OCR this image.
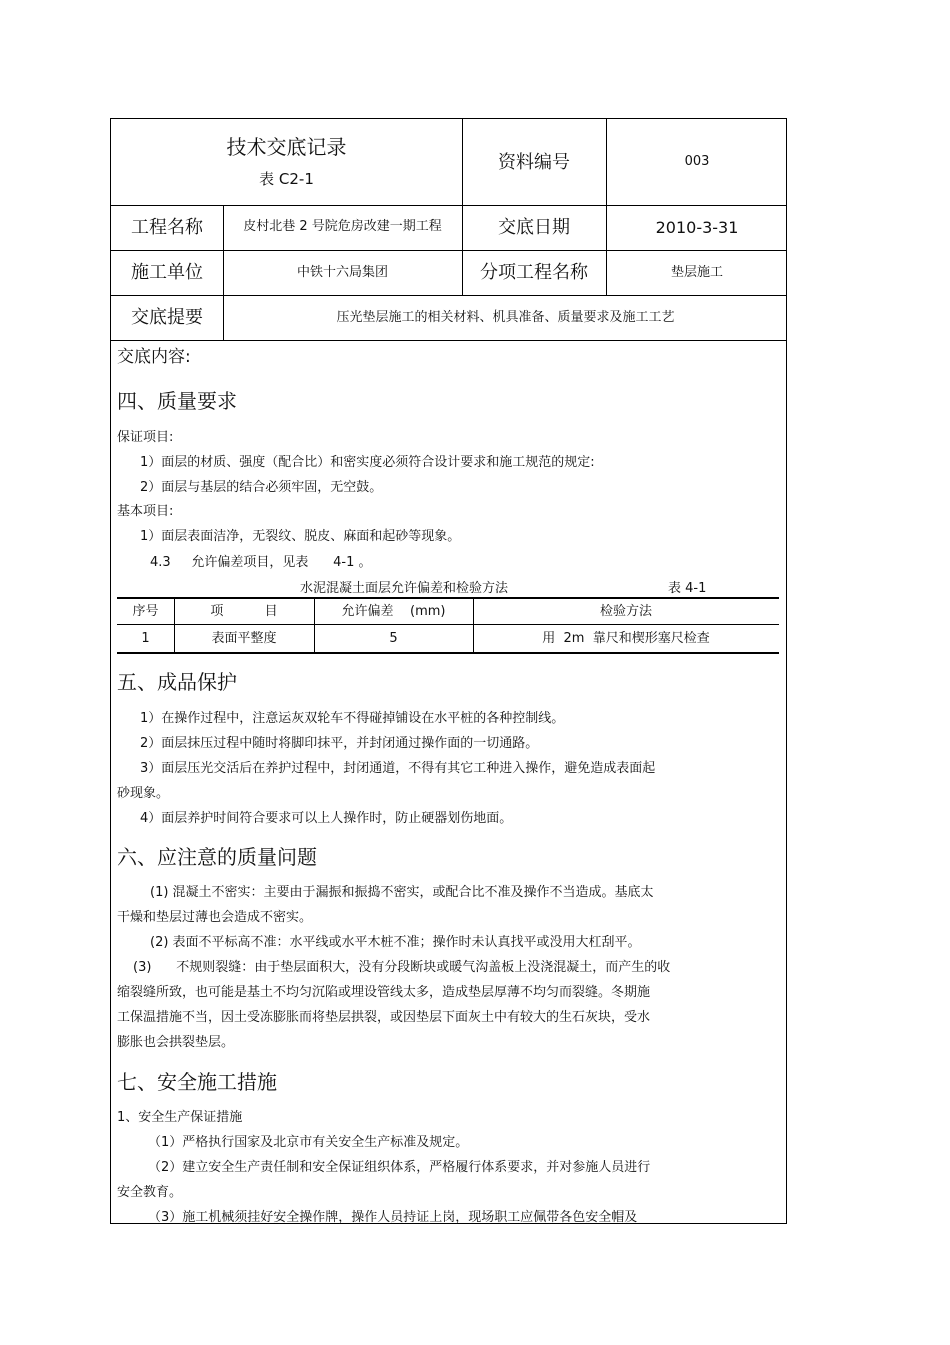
技术交底记录
表 C2-1
资料编号	003
工程名称	皮村北巷 2 号院危房改建一期工程	交底日期	2010-3-31
施工单位	中铁十六局集团	分项工程名称	垫层施工
交底提要	压光垫层施工的相关材料、机具准备、质量要求及施工工艺
交底内容:
四、质量要求
保证项目:
1）面层的材质、强度（配合比）和密实度必须符合设计要求和施工规范的规定:
2）面层与基层的结合必须牢固，无空鼓。
基本项目:
1）面层表面洁净，无裂纹、脱皮、麻面和起砂等现象。
4.3     允许偏差项目，见表      4-1 。
水泥混凝土面层允许偏差和检验方法	表 4-1
序号	项          目	允许偏差    (mm)	检验方法
1	表面平整度	5	用  2m  靠尺和楔形塞尺检查
五、成品保护
1）在操作过程中，注意运灰双轮车不得碰掉铺设在水平桩的各种控制线。
2）面层抹压过程中随时将脚印抹平，并封闭通过操作面的一切通路。
3）面层压光交活后在养护过程中，封闭通道，不得有其它工种进入操作，避免造成表面起
砂现象。
4）面层养护时间符合要求可以上人操作时，防止硬器划伤地面。
六、应注意的质量问题
(1) 混凝土不密实：主要由于漏振和振捣不密实，或配合比不准及操作不当造成。基底太
干燥和垫层过薄也会造成不密实。
(2) 表面不平标高不准：水平线或水平木桩不准；操作时未认真找平或没用大杠刮平。
(3)      不规则裂缝：由于垫层面积大，没有分段断块或暖气沟盖板上没浇混凝土，而产生的收
缩裂缝所致，也可能是基土不均匀沉陷或埋设管线太多，造成垫层厚薄不均匀而裂缝。冬期施
工保温措施不当，因土受冻膨胀而将垫层拱裂，或因垫层下面灰土中有较大的生石灰块，受水
膨胀也会拱裂垫层。
七、安全施工措施
1、安全生产保证措施
（1）严格执行国家及北京市有关安全生产标准及规定。
（2）建立安全生产责任制和安全保证组织体系，严格履行体系要求，并对参施人员进行
安全教育。
（3）施工机械须挂好安全操作牌，操作人员持证上岗，现场职工应佩带各色安全帽及
